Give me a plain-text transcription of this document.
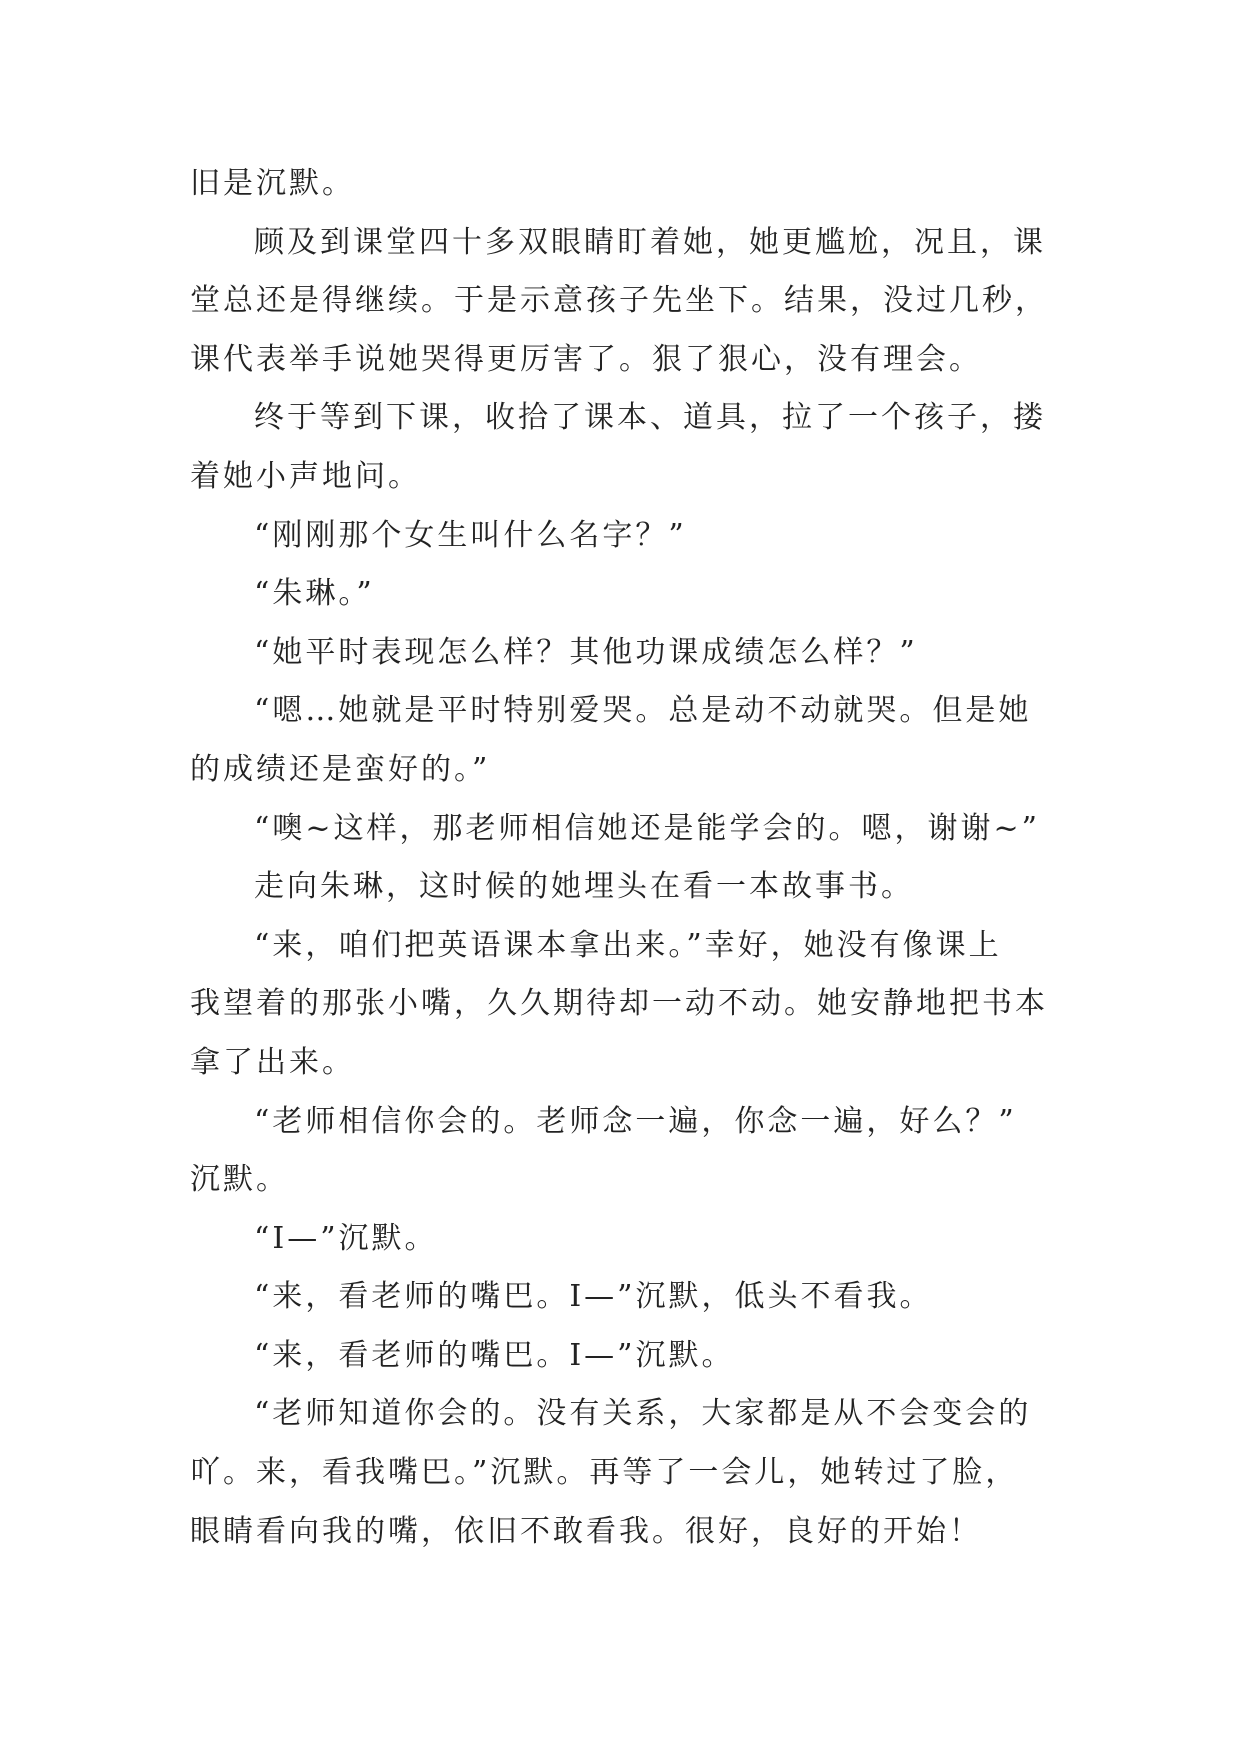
旧是沉默。
顾及到课堂四十多双眼睛盯着她，她更尴尬，况且，课
堂总还是得继续。于是示意孩子先坐下。结果，没过几秒，
课代表举手说她哭得更厉害了。狠了狠心，没有理会。
终于等到下课，收拾了课本、道具，拉了一个孩子，搂
着她小声地问。
“刚刚那个女生叫什么名字？”
“朱琳。”
“她平时表现怎么样？其他功课成绩怎么样？”
“嗯…她就是平时特别爱哭。总是动不动就哭。但是她
的成绩还是蛮好的。”
“噢~这样，那老师相信她还是能学会的。嗯，谢谢~”
走向朱琳，这时候的她埋头在看一本故事书。
“来，咱们把英语课本拿出来。”幸好，她没有像课上
我望着的那张小嘴，久久期待却一动不动。她安静地把书本
拿了出来。
“老师相信你会的。老师念一遍，你念一遍，好么？”
沉默。
“I—”沉默。
“来，看老师的嘴巴。I—”沉默，低头不看我。
“来，看老师的嘴巴。I—”沉默。
“老师知道你会的。没有关系，大家都是从不会变会的
吖。来，看我嘴巴。”沉默。再等了一会儿，她转过了脸，
眼睛看向我的嘴，依旧不敢看我。很好，良好的开始！
